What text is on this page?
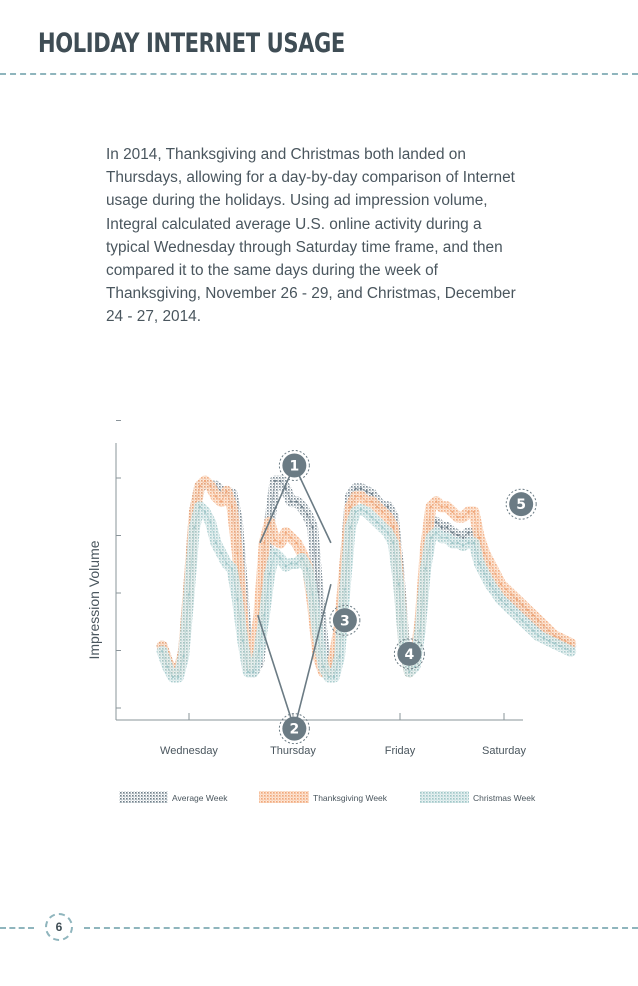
HOLIDAY INTERNET USAGE

In 2014, Thanksgiving and Christmas both landed on Thursdays, allowing for a day-by-day comparison of Internet usage during the holidays. Using ad impression volume, Integral calculated average U.S. online activity during a typical Wednesday through Saturday time frame, and then compared it to the same days during the week of Thanksgiving, November 26 - 29, and Christmas, December 24 - 27, 2014.

Impression Volume
1
2
3
4
5
Wednesday	Thursday	Friday	Saturday
Average Week	Thanksgiving Week	Christmas Week
6
